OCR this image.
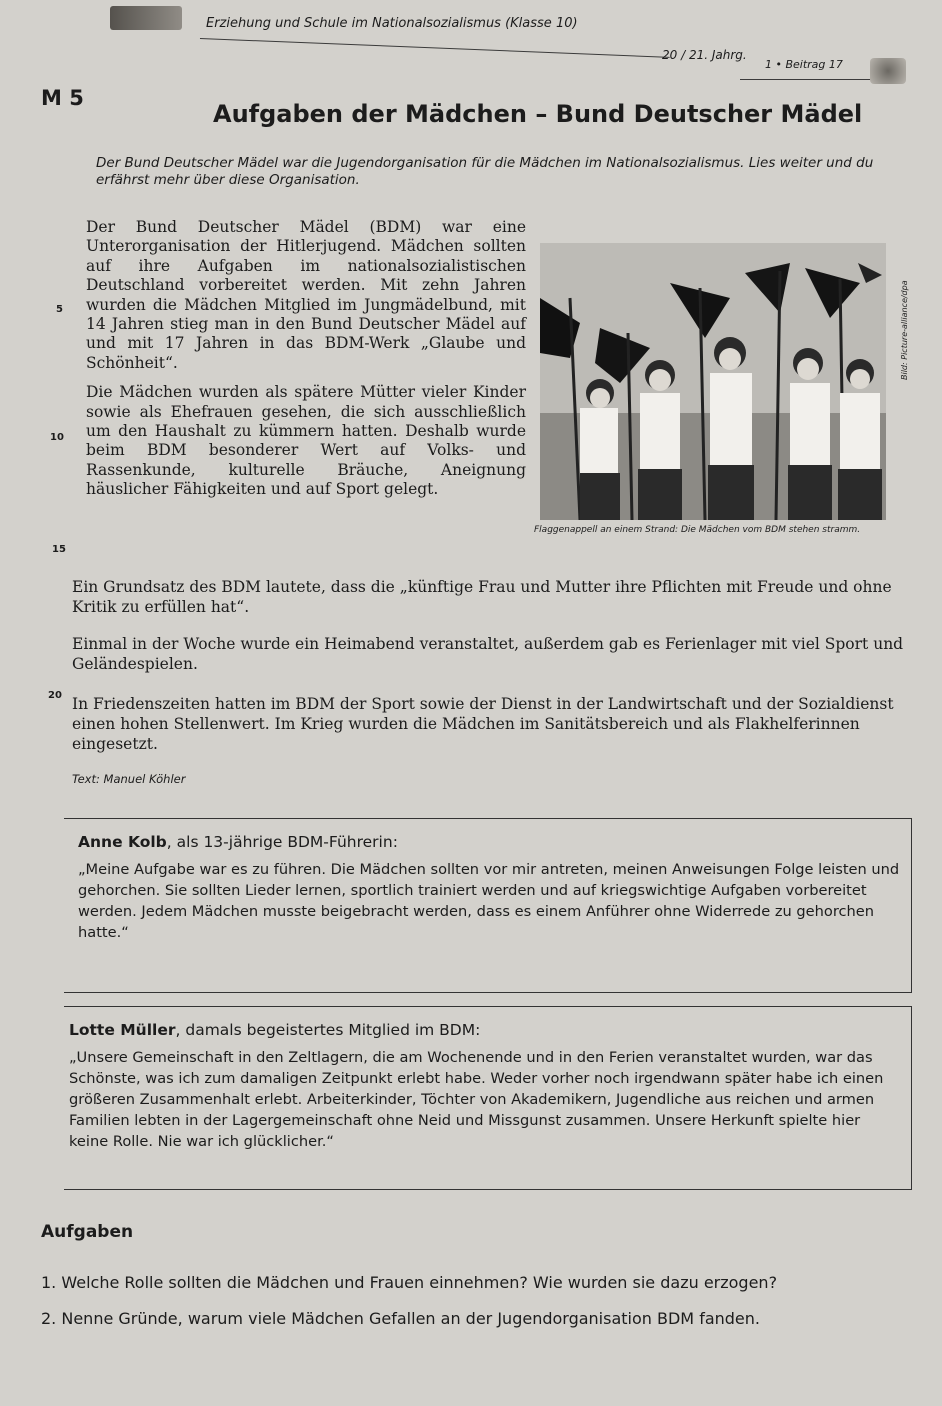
Erziehung und Schule im Nationalsozialismus (Klasse 10)
20 / 21. Jahrg.
1 • Beitrag 17
M 5
Aufgaben der Mädchen – Bund Deutscher Mädel
Der Bund Deutscher Mädel war die Jugendorganisation für die Mädchen im Nationalsozialismus. Lies weiter und du erfährst mehr über diese Organisation.
5
10
15
20

Der Bund Deutscher Mädel (BDM) war eine Unterorganisation der Hitlerjugend. Mädchen sollten auf ihre Aufgaben im nationalsozialistischen Deutschland vorbereitet werden. Mit zehn Jahren wurden die Mädchen Mitglied im Jungmädelbund, mit 14 Jahren stieg man in den Bund Deutscher Mädel auf und mit 17 Jahren in das BDM-Werk „Glaube und Schönheit“.

Die Mädchen wurden als spätere Mütter vieler Kinder sowie als Ehefrauen gesehen, die sich ausschließlich um den Haushalt zu kümmern hatten. Deshalb wurde beim BDM besonderer Wert auf Volks- und Rassenkunde, kulturelle Bräuche, Aneignung häuslicher Fähigkeiten und auf Sport gelegt.

Flaggenappell an einem Strand: Die Mädchen vom BDM stehen stramm.
Bild: Picture-alliance/dpa

Ein Grundsatz des BDM lautete, dass die „künftige Frau und Mutter ihre Pflichten mit Freude und ohne Kritik zu erfüllen hat“.

Einmal in der Woche wurde ein Heimabend veranstaltet, außerdem gab es Ferienlager mit viel Sport und Geländespielen.

In Friedenszeiten hatten im BDM der Sport sowie der Dienst in der Landwirtschaft und der Sozialdienst einen hohen Stellenwert. Im Krieg wurden die Mädchen im Sanitätsbereich und als Flakhelferinnen eingesetzt.

Text: Manuel Köhler

Anne Kolb, als 13-jährige BDM-Führerin:

„Meine Aufgabe war es zu führen. Die Mädchen sollten vor mir antreten, meinen Anweisungen Folge leisten und gehorchen. Sie sollten Lieder lernen, sportlich trainiert werden und auf kriegswichtige Aufgaben vorbereitet werden. Jedem Mädchen musste beigebracht werden, dass es einem Anführer ohne Widerrede zu gehorchen hatte.“

Lotte Müller, damals begeistertes Mitglied im BDM:

„Unsere Gemeinschaft in den Zeltlagern, die am Wochenende und in den Ferien veranstaltet wurden, war das Schönste, was ich zum damaligen Zeitpunkt erlebt habe. Weder vorher noch irgendwann später habe ich einen größeren Zusammenhalt erlebt. Arbeiterkinder, Töchter von Akademikern, Jugendliche aus reichen und armen Familien lebten in der Lagergemeinschaft ohne Neid und Missgunst zusammen. Unsere Herkunft spielte hier keine Rolle. Nie war ich glücklicher.“

Aufgaben

1. Welche Rolle sollten die Mädchen und Frauen einnehmen? Wie wurden sie dazu erzogen?

2. Nenne Gründe, warum viele Mädchen Gefallen an der Jugendorganisation BDM fanden.
